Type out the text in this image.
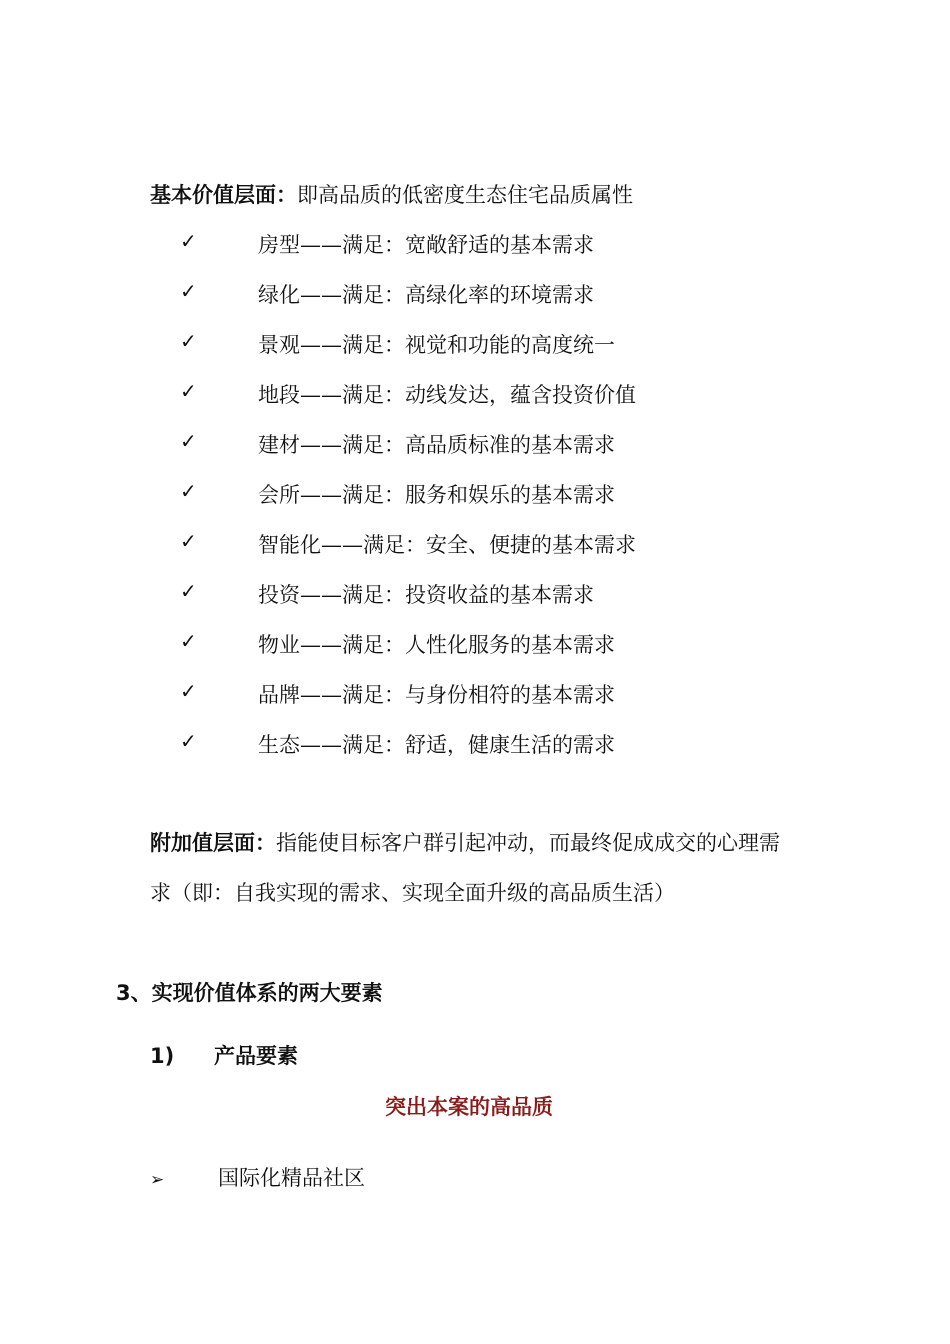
基本价值层面：即高品质的低密度生态住宅品质属性
✓	房型——满足：宽敞舒适的基本需求
✓	绿化——满足：高绿化率的环境需求
✓	景观——满足：视觉和功能的高度统一
✓	地段——满足：动线发达，蕴含投资价值
✓	建材——满足：高品质标准的基本需求
✓	会所——满足：服务和娱乐的基本需求
✓	智能化——满足：安全、便捷的基本需求
✓	投资——满足：投资收益的基本需求
✓	物业——满足：人性化服务的基本需求
✓	品牌——满足：与身份相符的基本需求
✓	生态——满足：舒适，健康生活的需求
附加值层面：指能使目标客户群引起冲动，而最终促成成交的心理需
求（即：自我实现的需求、实现全面升级的高品质生活）
3、实现价值体系的两大要素
1) 产品要素
突出本案的高品质
➢	国际化精品社区
